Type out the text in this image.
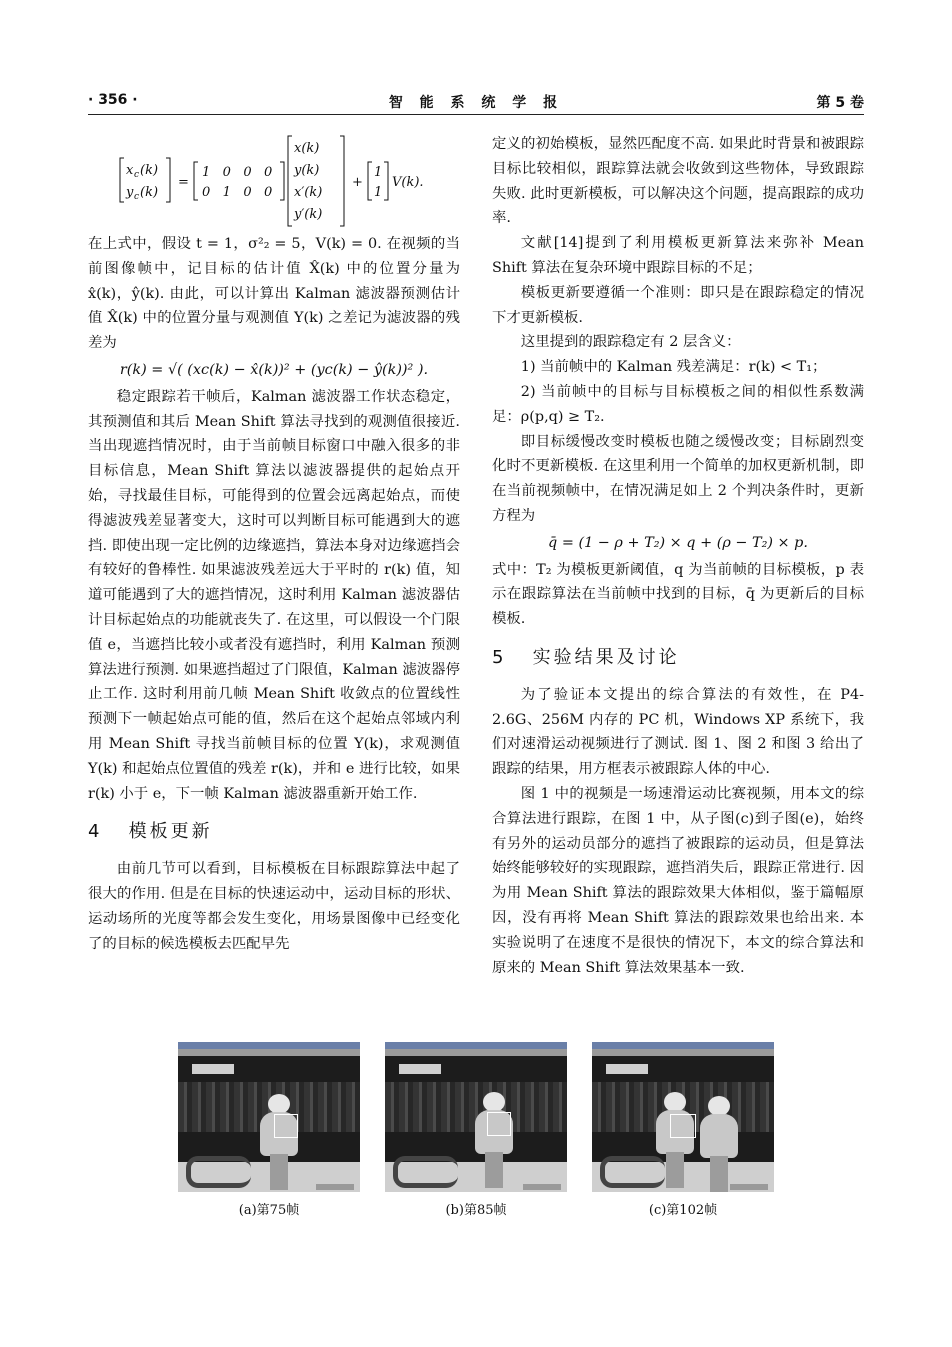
· 356 ·	智 能 系 统 学 报	第 5 卷
x c (k)
y c (k)
=
1   0   0   0
0   1   0   0
x(k)
y(k)
x′(k)
y′(k)
+
1
1
V(k).

在上式中，假设 t = 1，σ²₂ = 5，V(k) = 0. 在视频的当前图像帧中，记目标的估计值 X̂(k) 中的位置分量为 x̂(k)，ŷ(k). 由此，可以计算出 Kalman 滤波器预测估计值 X̂(k) 中的位置分量与观测值 Y(k) 之差记为滤波器的残差为

r(k) = √( (xc(k) − x̂(k))² + (yc(k) − ŷ(k))² ).

稳定跟踪若干帧后，Kalman 滤波器工作状态稳定，其预测值和其后 Mean Shift 算法寻找到的观测值很接近. 当出现遮挡情况时，由于当前帧目标窗口中融入很多的非目标信息，Mean Shift 算法以滤波器提供的起始点开始，寻找最佳目标，可能得到的位置会远离起始点，而使得滤波残差显著变大，这时可以判断目标可能遇到大的遮挡. 即使出现一定比例的边缘遮挡，算法本身对边缘遮挡会有较好的鲁棒性. 如果滤波残差远大于平时的 r(k) 值，知道可能遇到了大的遮挡情况，这时利用 Kalman 滤波器估计目标起始点的功能就丧失了. 在这里，可以假设一个门限值 e，当遮挡比较小或者没有遮挡时，利用 Kalman 预测算法进行预测. 如果遮挡超过了门限值，Kalman 滤波器停止工作. 这时利用前几帧 Mean Shift 收敛点的位置线性预测下一帧起始点可能的值，然后在这个起始点邻域内利用 Mean Shift 寻找当前帧目标的位置 Y(k)，求观测值 Y(k) 和起始点位置值的残差 r(k)，并和 e 进行比较，如果 r(k) 小于 e，下一帧 Kalman 滤波器重新开始工作.

4 模板更新

由前几节可以看到，目标模板在目标跟踪算法中起了很大的作用. 但是在目标的快速运动中，运动目标的形状、运动场所的光度等都会发生变化，用场景图像中已经变化了的目标的候选模板去匹配早先

定义的初始模板，显然匹配度不高. 如果此时背景和被跟踪目标比较相似，跟踪算法就会收敛到这些物体，导致跟踪失败. 此时更新模板，可以解决这个问题，提高跟踪的成功率.

文献[14]提到了利用模板更新算法来弥补 Mean Shift 算法在复杂环境中跟踪目标的不足；

模板更新要遵循一个准则：即只是在跟踪稳定的情况下才更新模板.

这里提到的跟踪稳定有 2 层含义：

1) 当前帧中的 Kalman 残差满足：r(k) < T₁；

2) 当前帧中的目标与目标模板之间的相似性系数满足：ρ(p,q) ≥ T₂.

即目标缓慢改变时模板也随之缓慢改变；目标剧烈变化时不更新模板. 在这里利用一个简单的加权更新机制，即在当前视频帧中，在情况满足如上 2 个判决条件时，更新方程为

q̄ = (1 − ρ + T₂) × q + (ρ − T₂) × p.

式中：T₂ 为模板更新阈值，q 为当前帧的目标模板，p 表示在跟踪算法在当前帧中找到的目标，q̄ 为更新后的目标模板.

5 实验结果及讨论

为了验证本文提出的综合算法的有效性，在 P4-2.6G、256M 内存的 PC 机，Windows XP 系统下，我们对速滑运动视频进行了测试. 图 1、图 2 和图 3 给出了跟踪的结果，用方框表示被跟踪人体的中心.

图 1 中的视频是一场速滑运动比赛视频，用本文的综合算法进行跟踪，在图 1 中，从子图(c)到子图(e)，始终有另外的运动员部分的遮挡了被跟踪的运动员，但是算法始终能够较好的实现跟踪，遮挡消失后，跟踪正常进行. 因为用 Mean Shift 算法的跟踪效果大体相似，鉴于篇幅原因，没有再将 Mean Shift 算法的跟踪效果也给出来. 本实验说明了在速度不是很快的情况下，本文的综合算法和原来的 Mean Shift 算法效果基本一致.

(a)第75帧	(b)第85帧	(c)第102帧
